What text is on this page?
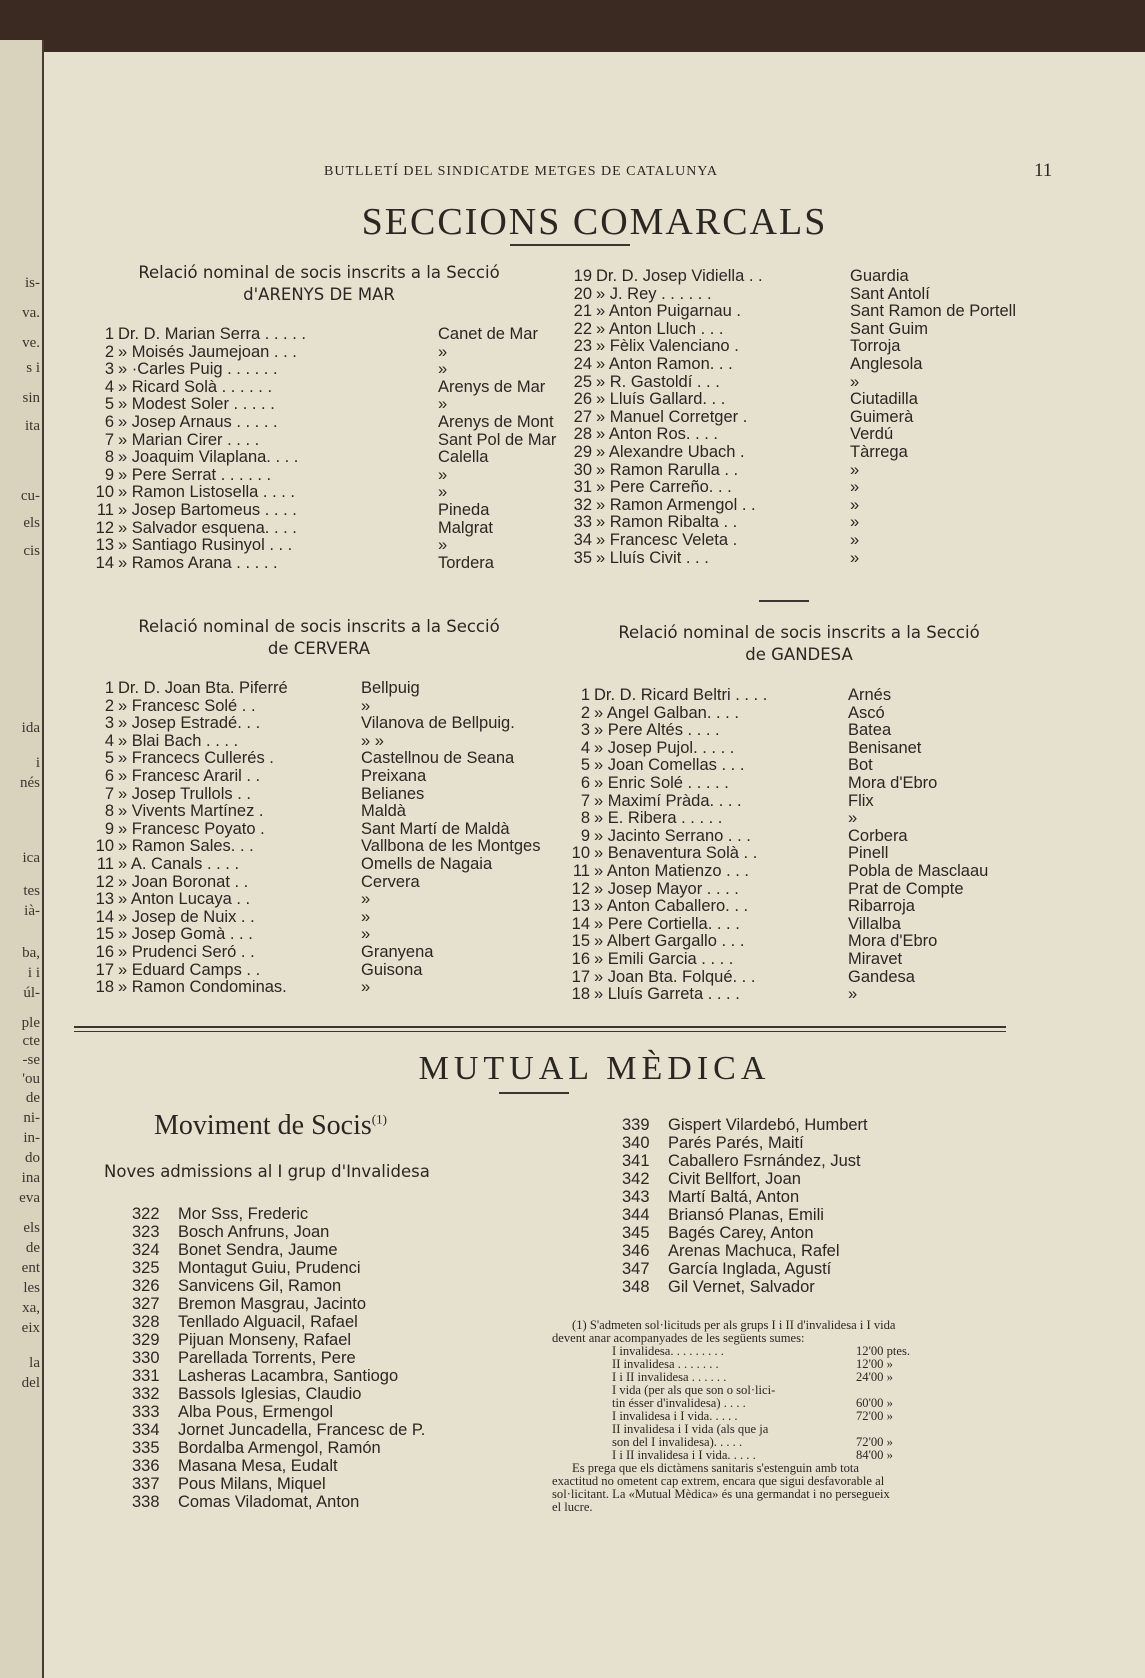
is-
va.
ve.
s i
sin
ita
cu-
els
cis
ida
i
nés
ica
tes
ià-
ba,
i i
úl-
ple
cte
-se
'ou
de
ni-
in-
do
ina
eva
els
de
ent
les
xa,
eix
la
del
BUTLLETÍ DEL SINDICATDE METGES DE CATALUNYA	11
SECCIONS COMARCALS
Relació nominal de socis inscrits a la Secció
d'ARENYS DE MAR
1 Dr. D. Marian Serra . . . . .	Canet de Mar
2 » Moisés Jaumejoan . . .	»
3 » ·Carles Puig . . . . . .	»
4 » Ricard Solà . . . . . .	Arenys de Mar
5 » Modest Soler . . . . .	»
6 » Josep Arnaus . . . . .	Arenys de Mont
7 » Marian Cirer . . . .	Sant Pol de Mar
8 » Joaquim Vilaplana. . . .	Calella
9 » Pere Serrat . . . . . .	»
10 » Ramon Listosella . . . .	»
11 » Josep Bartomeus . . . .	Pineda
12 » Salvador esquena. . . .	Malgrat
13 » Santiago Rusinyol . . .	»
14 » Ramos Arana . . . . .	Tordera
19 Dr. D. Josep Vidiella . .	Guardia
20 » J. Rey . . . . . .	Sant Antolí
21 » Anton Puigarnau .	Sant Ramon de Portell
22 » Anton Lluch . . .	Sant Guim
23 » Fèlix Valenciano .	Torroja
24 » Anton Ramon. . .	Anglesola
25 » R. Gastoldí . . .	»
26 » Lluís Gallard. . .	Ciutadilla
27 » Manuel Corretger .	Guimerà
28 » Anton Ros. . . .	Verdú
29 » Alexandre Ubach .	Tàrrega
30 » Ramon Rarulla . .	»
31 » Pere Carreño. . .	»
32 » Ramon Armengol . .	»
33 » Ramon Ribalta . .	»
34 » Francesc Veleta .	»
35 » Lluís Civit . . .	»
Relació nominal de socis inscrits a la Secció
de CERVERA
1 Dr. D. Joan Bta. Piferré	Bellpuig
2 » Francesc Solé . .	»
3 » Josep Estradé. . .	Vilanova de Bellpuig.
4 » Blai Bach . . . .	» »
5 » Francecs Cullerés .	Castellnou de Seana
6 » Francesc Araril . .	Preixana
7 » Josep Trullols . .	Belianes
8 » Vivents Martínez .	Maldà
9 » Francesc Poyato .	Sant Martí de Maldà
10 » Ramon Sales. . .	Vallbona de les Montges
11 » A. Canals . . . .	Omells de Nagaia
12 » Joan Boronat . .	Cervera
13 » Anton Lucaya . .	»
14 » Josep de Nuix . .	»
15 » Josep Gomà . . .	»
16 » Prudenci Seró . .	Granyena
17 » Eduard Camps . .	Guisona
18 » Ramon Condominas.	»
Relació nominal de socis inscrits a la Secció
de GANDESA
1 Dr. D. Ricard Beltri . . . .	Arnés
2 » Angel Galban. . . .	Ascó
3 » Pere Altés . . . .	Batea
4 » Josep Pujol. . . . .	Benisanet
5 » Joan Comellas . . .	Bot
6 » Enric Solé . . . . .	Mora d'Ebro
7 » Maximí Pràda. . . .	Flix
8 » E. Ribera . . . . .	»
9 » Jacinto Serrano . . .	Corbera
10 » Benaventura Solà . .	Pinell
11 » Anton Matienzo . . .	Pobla de Masclaau
12 » Josep Mayor . . . .	Prat de Compte
13 » Anton Caballero. . .	Ribarroja
14 » Pere Cortiella. . . .	Villalba
15 » Albert Gargallo . . .	Mora d'Ebro
16 » Emili Garcia . . . .	Miravet
17 » Joan Bta. Folqué. . .	Gandesa
18 » Lluís Garreta . . . .	»
MUTUAL MÈDICA
Moviment de Socis$^{(1)}$
Noves admissions al I grup d'Invalidesa
322 Mor Sss, Frederic
323 Bosch Anfruns, Joan
324 Bonet Sendra, Jaume
325 Montagut Guiu, Prudenci
326 Sanvicens Gil, Ramon
327 Bremon Masgrau, Jacinto
328 Tenllado Alguacil, Rafael
329 Pijuan Monseny, Rafael
330 Parellada Torrents, Pere
331 Lasheras Lacambra, Santiogo
332 Bassols Iglesias, Claudio
333 Alba Pous, Ermengol
334 Jornet Juncadella, Francesc de P.
335 Bordalba Armengol, Ramón
336 Masana Mesa, Eudalt
337 Pous Milans, Miquel
338 Comas Viladomat, Anton
339 Gispert Vilardebó, Humbert
340 Parés Parés, Maití
341 Caballero Fsrnández, Just
342 Civit Bellfort, Joan
343 Martí Baltá, Anton
344 Briansó Planas, Emili
345 Bagés Carey, Anton
346 Arenas Machuca, Rafel
347 García Inglada, Agustí
348 Gil Vernet, Salvador
(1) S'admeten sol·licituds per als grups I i II d'invalidesa i I vida
devent anar acompanyades de les següents sumes:
I invalidesa. . . . . . . . .	12'00 ptes.
II invalidesa . . . . . . .	12'00 »
I i II invalidesa . . . . . .	24'00 »
I vida (per als que son o sol·lici-
tin ésser d'invalidesa) . . . .	60'00 »
I invalidesa i I vida. . . . .	72'00 »
II invalidesa i I vida (als que ja
son del I invalidesa). . . . .	72'00 »
I i II invalidesa i I vida. . . . .	84'00 »
Es prega que els dictàmens sanitaris s'estenguin amb tota
exactitud no ometent cap extrem, encara que sigui desfavorable al
sol·licitant. La «Mutual Mèdica» és una germandat i no persegueix
el lucre.
